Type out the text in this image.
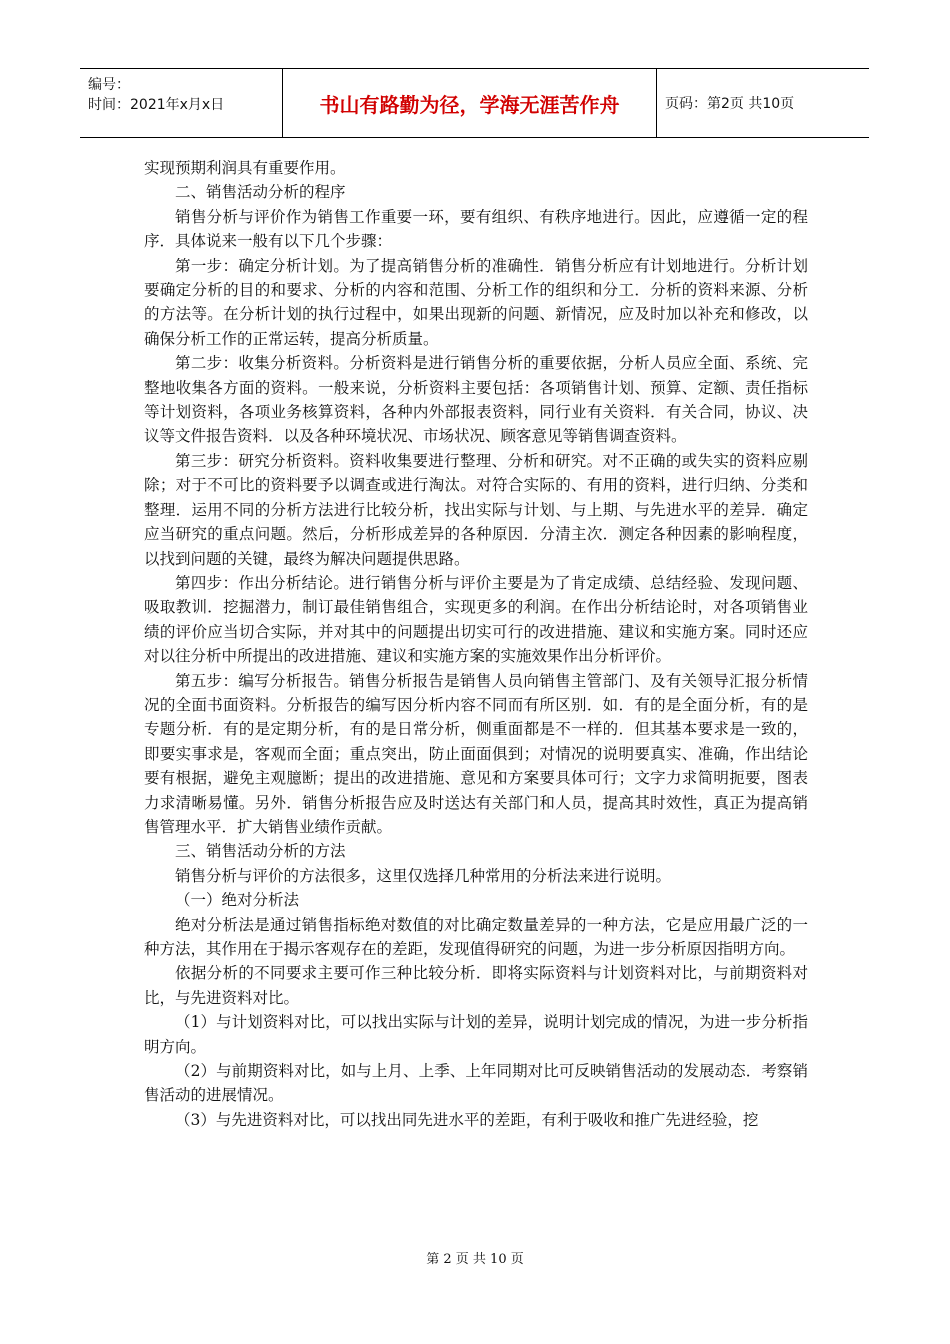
编号：
时间：2021年x月x日	书山有路勤为径，学海无涯苦作舟	页码：第2页 共10页

实现预期利润具有重要作用。

二、销售活动分析的程序

销售分析与评价作为销售工作重要一环，要有组织、有秩序地进行。因此，应遵循一定的程序．具体说来一般有以下几个步骤：

第一步：确定分析计划。为了提高销售分析的准确性．销售分析应有计划地进行。分析计划要确定分析的目的和要求、分析的内容和范围、分析工作的组织和分工．分析的资料来源、分析的方法等。在分析计划的执行过程中，如果出现新的问题、新情况，应及时加以补充和修改，以确保分析工作的正常运转，提高分析质量。

第二步：收集分析资料。分析资料是进行销售分析的重要依据，分析人员应全面、系统、完整地收集各方面的资料。一般来说，分析资料主要包括：各项销售计划、预算、定额、责任指标等计划资料，各项业务核算资料，各种内外部报表资料，同行业有关资料．有关合同，协议、决议等文件报告资料．以及各种环境状况、市场状况、顾客意见等销售调查资料。

第三步：研究分析资料。资料收集要进行整理、分析和研究。对不正确的或失实的资料应剔除；对于不可比的资料要予以调查或进行淘汰。对符合实际的、有用的资料，进行归纳、分类和整理．运用不同的分析方法进行比较分析，找出实际与计划、与上期、与先进水平的差异．确定应当研究的重点问题。然后，分析形成差异的各种原因．分清主次．测定各种因素的影响程度，以找到问题的关键，最终为解决问题提供思路。

第四步：作出分析结论。进行销售分析与评价主要是为了肯定成绩、总结经验、发现问题、吸取教训．挖掘潜力，制订最佳销售组合，实现更多的利润。在作出分析结论时，对各项销售业绩的评价应当切合实际，并对其中的问题提出切实可行的改进措施、建议和实施方案。同时还应对以往分析中所提出的改进措施、建议和实施方案的实施效果作出分析评价。

第五步：编写分析报告。销售分析报告是销售人员向销售主管部门、及有关领导汇报分析情况的全面书面资料。分析报告的编写因分析内容不同而有所区别．如．有的是全面分析，有的是专题分析．有的是定期分析，有的是日常分析，侧重面都是不一样的．但其基本要求是一致的，即要实事求是，客观而全面；重点突出，防止面面俱到；对情况的说明要真实、准确，作出结论要有根据，避免主观臆断；提出的改进措施、意见和方案要具体可行；文字力求简明扼要，图表力求清晰易懂。另外．销售分析报告应及时送达有关部门和人员，提高其时效性，真正为提高销售管理水平．扩大销售业绩作贡献。

三、销售活动分析的方法

销售分析与评价的方法很多，这里仅选择几种常用的分析法来进行说明。

（一）绝对分析法

绝对分析法是通过销售指标绝对数值的对比确定数量差异的一种方法，它是应用最广泛的一种方法，其作用在于揭示客观存在的差距，发现值得研究的问题，为进一步分析原因指明方向。

依据分析的不同要求主要可作三种比较分析．即将实际资料与计划资料对比，与前期资料对比，与先进资料对比。

（1）与计划资料对比，可以找出实际与计划的差异，说明计划完成的情况，为进一步分析指明方向。

（2）与前期资料对比，如与上月、上季、上年同期对比可反映销售活动的发展动态．考察销售活动的进展情况。

（3）与先进资料对比，可以找出同先进水平的差距，有利于吸收和推广先进经验，挖

第 2 页 共 10 页
